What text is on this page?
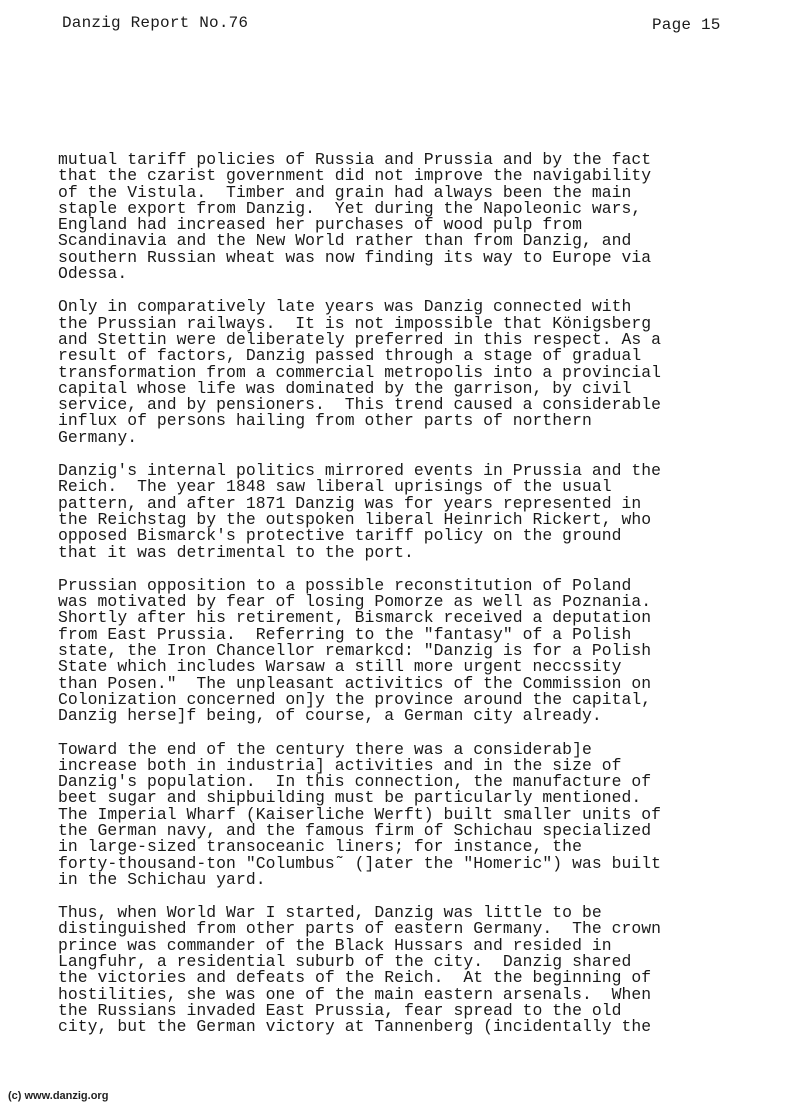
Danzig Report No.76	Page 15
mutual tariff policies of Russia and Prussia and by the fact
that the czarist government did not improve the navigability
of the Vistula.  Timber and grain had always been the main
staple export from Danzig.  Yet during the Napoleonic wars,
England had increased her purchases of wood pulp from
Scandinavia and the New World rather than from Danzig, and
southern Russian wheat was now finding its way to Europe via
Odessa.
Only in comparatively late years was Danzig connected with
the Prussian railways.  It is not impossible that Königsberg
and Stettin were deliberately preferred in this respect. As a
result of factors, Danzig passed through a stage of gradual
transformation from a commercial metropolis into a provincial
capital whose life was dominated by the garrison, by civil
service, and by pensioners.  This trend caused a considerable
influx of persons hailing from other parts of northern
Germany.
Danzig's internal politics mirrored events in Prussia and the
Reich.  The year 1848 saw liberal uprisings of the usual
pattern, and after 1871 Danzig was for years represented in
the Reichstag by the outspoken liberal Heinrich Rickert, who
opposed Bismarck's protective tariff policy on the ground
that it was detrimental to the port.
Prussian opposition to a possible reconstitution of Poland
was motivated by fear of losing Pomorze as well as Poznania.
Shortly after his retirement, Bismarck received a deputation
from East Prussia.  Referring to the "fantasy" of a Polish
state, the Iron Chancellor remarkcd: "Danzig is for a Polish
State which includes Warsaw a still more urgent neccssity
than Posen."  The unpleasant activitics of the Commission on
Colonization concerned on]y the province around the capital,
Danzig herse]f being, of course, a German city already.
Toward the end of the century there was a considerab]e
increase both in industria] activities and in the size of
Danzig's population.  In this connection, the manufacture of
beet sugar and shipbuilding must be particularly mentioned.
The Imperial Wharf (Kaiserliche Werft) built smaller units of
the German navy, and the famous firm of Schichau specialized
in large-sized transoceanic liners; for instance, the
forty-thousand-ton "Columbus˜ (]ater the "Homeric") was built
in the Schichau yard.
Thus, when World War I started, Danzig was little to be
distinguished from other parts of eastern Germany.  The crown
prince was commander of the Black Hussars and resided in
Langfuhr, a residential suburb of the city.  Danzig shared
the victories and defeats of the Reich.  At the beginning of
hostilities, she was one of the main eastern arsenals.  When
the Russians invaded East Prussia, fear spread to the old
city, but the German victory at Tannenberg (incidentally the
(c) www.danzig.org
